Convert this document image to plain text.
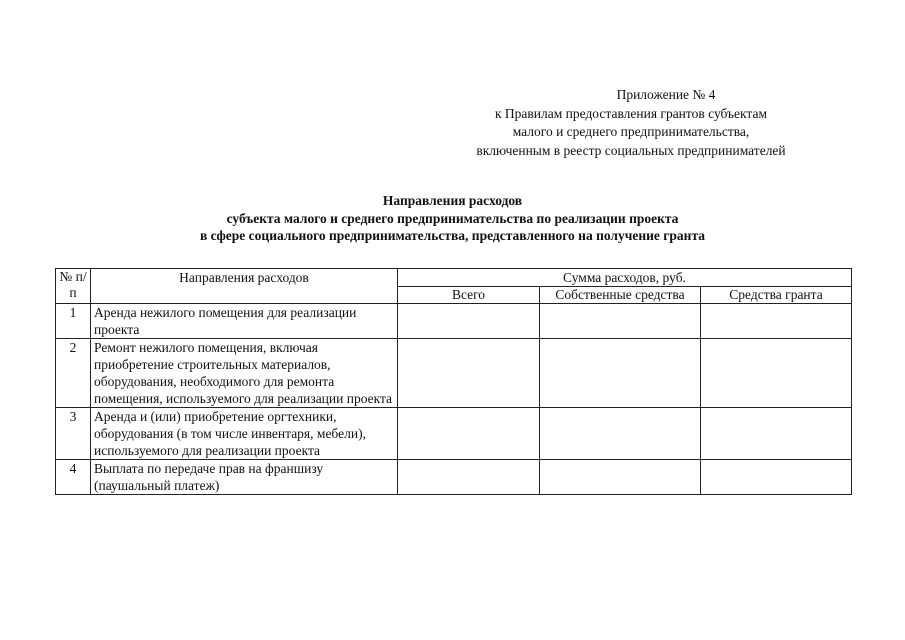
Приложение № 4
к Правилам предоставления грантов субъектам
малого и среднего предпринимательства,
включенным в реестр социальных предпринимателей
Направления расходов
субъекта малого и среднего предпринимательства по реализации проекта
в сфере социального предпринимательства, представленного на получение гранта
№ п/п	Направления расходов	Сумма расходов, руб.		
		Всего	Собственные средства	Средства гранта
1	Аренда нежилого помещения для реализации проекта			
2	Ремонт нежилого помещения, включая приобретение строительных материалов, оборудования, необходимого для ремонта помещения, используемого для реализации проекта			
3	Аренда и (или) приобретение оргтехники, оборудования (в том числе инвентаря, мебели), используемого для реализации проекта			
4	Выплата по передаче прав на франшизу (паушальный платеж)			
